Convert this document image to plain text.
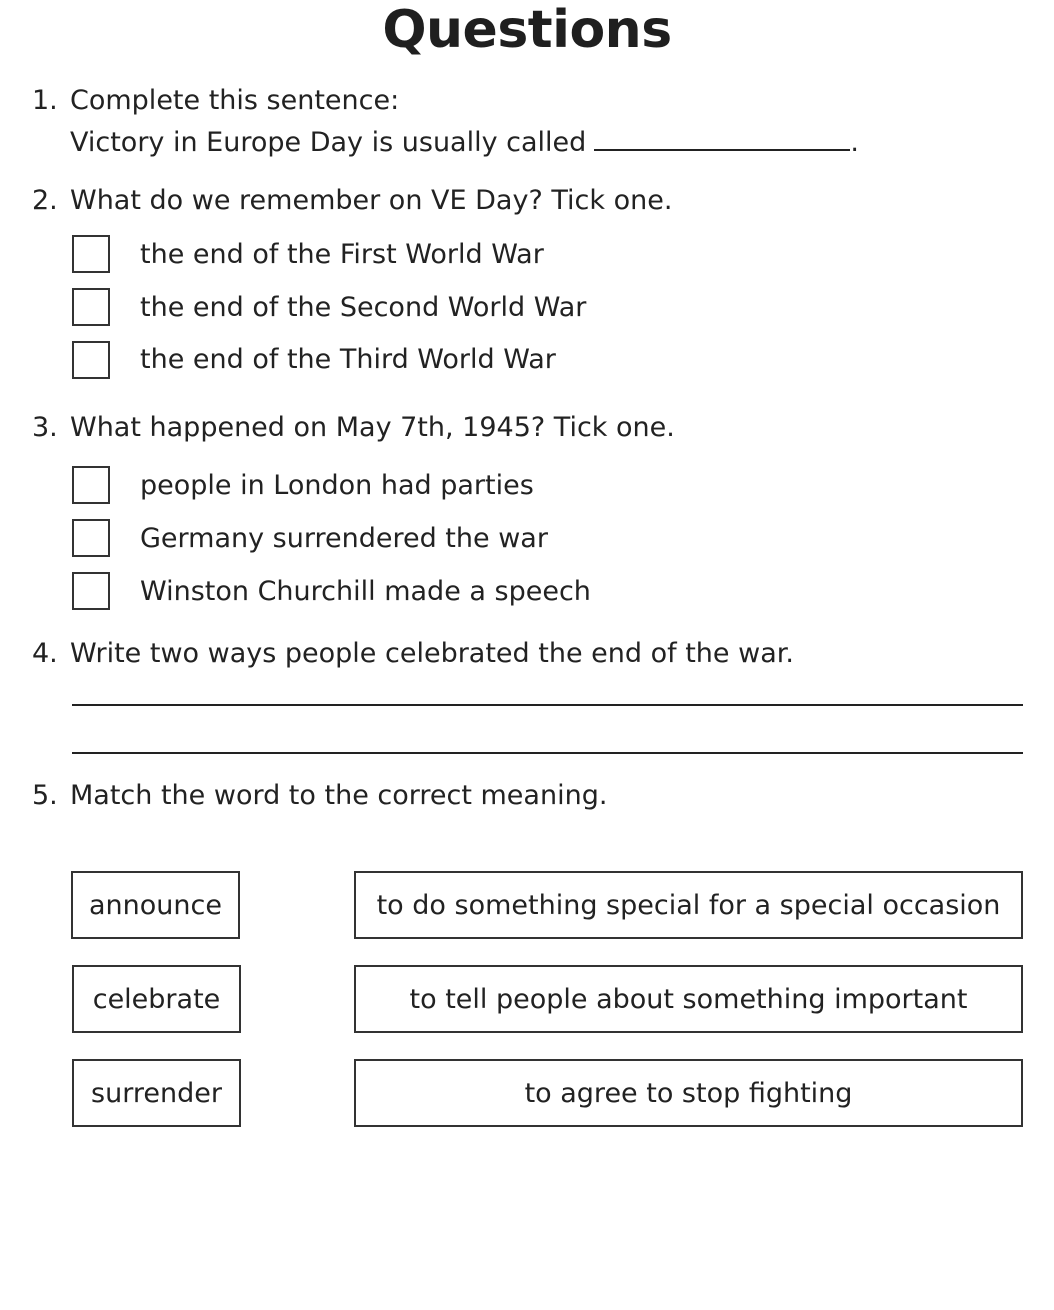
Questions
1. Complete this sentence:
Victory in Europe Day is usually called	.
2. What do we remember on VE Day? Tick one.
the end of the First World War
the end of the Second World War
the end of the Third World War
3. What happened on May 7th, 1945? Tick one.
people in London had parties
Germany surrendered the war
Winston Churchill made a speech
4. Write two ways people celebrated the end of the war.
5. Match the word to the correct meaning.
announce
celebrate
surrender
to do something special for a special occasion
to tell people about something important
to agree to stop fighting
